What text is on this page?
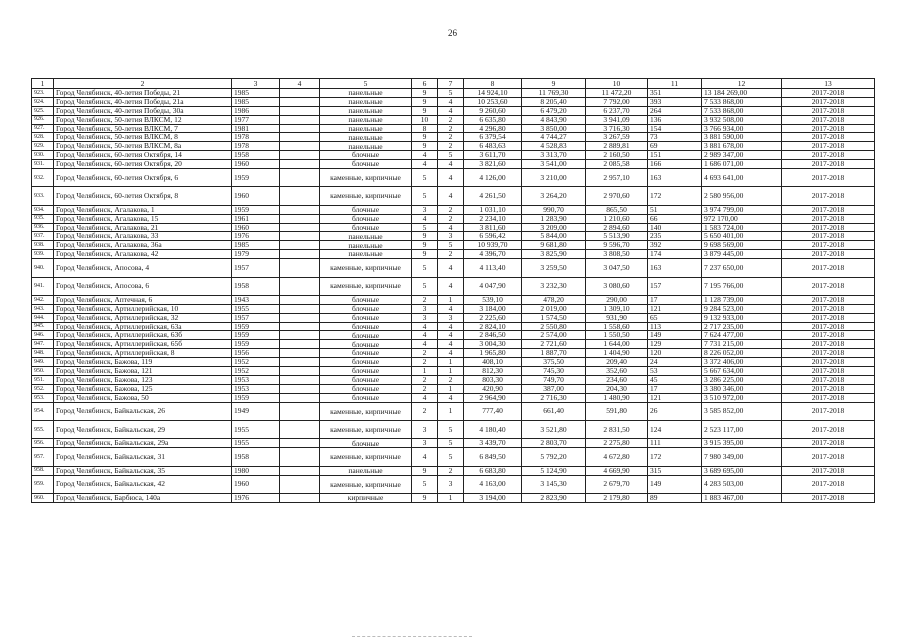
26
1	2	3	4	5	6	7	8	9	10	11	12	13
923.	Город Челябинск, 40-летия Победы, 21	1985		панельные	9	5	14 924,10	11 769,30	11 472,20	351	13 184 269,00	2017-2018
924.	Город Челябинск, 40-летия Победы, 21а	1985		панельные	9	4	10 253,60	8 205,40	7 792,00	393	7 533 868,00	2017-2018
925.	Город Челябинск, 40-летия Победы, 30а	1986		панельные	9	4	9 260,60	6 479,20	6 237,70	264	7 533 868,00	2017-2018
926.	Город Челябинск, 50-летия ВЛКСМ, 12	1977		панельные	10	2	6 635,80	4 843,90	3 941,09	136	3 932 508,00	2017-2018
927.	Город Челябинск, 50-летия ВЛКСМ, 7	1981		панельные	8	2	4 296,80	3 850,00	3 716,30	154	3 766 934,00	2017-2018
928.	Город Челябинск, 50-летия ВЛКСМ, 8	1978		панельные	9	2	6 379,54	4 744,27	3 267,59	73	3 881 590,00	2017-2018
929.	Город Челябинск, 50-летия ВЛКСМ, 8а	1978		панельные	9	2	6 483,63	4 528,83	2 889,81	69	3 881 678,00	2017-2018
930.	Город Челябинск, 60-летия Октября, 14	1958		блочные	4	5	3 611,70	3 313,70	2 160,50	151	2 989 347,00	2017-2018
931.	Город Челябинск, 60-летия Октября, 20	1960		блочные	4	4	3 821,60	3 541,00	2 085,58	166	1 686 071,00	2017-2018
932.	Город Челябинск, 60-летия Октября, 6	1959		каменные, кирпичные	5	4	4 126,00	3 210,00	2 957,10	163	4 693 641,00	2017-2018
933.	Город Челябинск, 60-летия Октября, 8	1960		каменные, кирпичные	5	4	4 261,50	3 264,20	2 970,60	172	2 580 956,00	2017-2018
934.	Город Челябинск, Агалакова, 1	1959		блочные	3	2	1 031,10	990,70	865,50	51	3 974 799,00	2017-2018
935.	Город Челябинск, Агалакова, 15	1961		блочные	4	2	2 234,10	1 283,90	1 210,60	66	972 170,00	2017-2018
936.	Город Челябинск, Агалакова, 21	1960		блочные	5	4	3 811,60	3 209,00	2 894,60	140	1 583 724,00	2017-2018
937.	Город Челябинск, Агалакова, 33	1976		панельные	9	3	6 596,42	5 844,00	5 513,90	235	5 650 401,00	2017-2018
938.	Город Челябинск, Агалакова, 36а	1985		панельные	9	5	10 939,70	9 681,80	9 596,70	392	9 698 569,00	2017-2018
939.	Город Челябинск, Агалакова, 42	1979		панельные	9	2	4 396,70	3 825,90	3 808,50	174	3 879 445,00	2017-2018
940.	Город Челябинск, Апосова, 4	1957		каменные, кирпичные	5	4	4 113,40	3 259,50	3 047,50	163	7 237 650,00	2017-2018
941.	Город Челябинск, Апосова, 6	1958		каменные, кирпичные	5	4	4 047,90	3 232,30	3 080,60	157	7 195 766,00	2017-2018
942.	Город Челябинск, Аптечная, 6	1943		блочные	2	1	539,10	478,20	290,00	17	1 128 739,00	2017-2018
943.	Город Челябинск, Артиллерийская, 10	1955		блочные	3	4	3 184,00	2 019,00	1 309,10	121	9 284 523,00	2017-2018
944.	Город Челябинск, Артиллерийская, 32	1957		блочные	3	3	2 225,60	1 574,50	931,90	65	9 132 933,00	2017-2018
945.	Город Челябинск, Артиллерийская, 63а	1959		блочные	4	4	2 824,10	2 550,80	1 558,60	113	2 717 235,00	2017-2018
946.	Город Челябинск, Артиллерийская, 63б	1959		блочные	4	4	2 846,50	2 574,00	1 550,50	149	7 624 477,00	2017-2018
947.	Город Челябинск, Артиллерийская, 65б	1959		блочные	4	4	3 004,30	2 721,60	1 644,00	129	7 731 215,00	2017-2018
948.	Город Челябинск, Артиллерийская, 8	1956		блочные	2	4	1 965,80	1 887,70	1 404,90	120	8 226 052,00	2017-2018
949.	Город Челябинск, Бажова, 119	1952		блочные	2	1	408,10	375,50	209,40	24	3 372 406,00	2017-2018
950.	Город Челябинск, Бажова, 121	1952		блочные	1	1	812,30	745,30	352,60	53	5 667 634,00	2017-2018
951.	Город Челябинск, Бажова, 123	1953		блочные	2	2	803,30	749,70	234,60	45	3 286 225,00	2017-2018
952.	Город Челябинск, Бажова, 125	1953		блочные	2	1	420,90	387,00	204,30	17	3 380 346,00	2017-2018
953.	Город Челябинск, Бажова, 50	1959		блочные	4	4	2 964,90	2 716,30	1 480,90	121	3 510 972,00	2017-2018
954.	Город Челябинск, Байкальская, 26	1949		каменные, кирпичные	2	1	777,40	661,40	591,80	26	3 585 852,00	2017-2018
955.	Город Челябинск, Байкальская, 29	1955		каменные, кирпичные	3	5	4 180,40	3 521,80	2 831,50	124	2 523 117,00	2017-2018
956.	Город Челябинск, Байкальская, 29а	1955		блочные	3	5	3 439,70	2 803,70	2 275,80	111	3 915 395,00	2017-2018
957.	Город Челябинск, Байкальская, 31	1958		каменные, кирпичные	4	5	6 849,50	5 792,20	4 672,80	172	7 980 349,00	2017-2018
958.	Город Челябинск, Байкальская, 35	1980		панельные	9	2	6 683,80	5 124,90	4 669,90	315	3 689 695,00	2017-2018
959.	Город Челябинск, Байкальская, 42	1960		каменные, кирпичные	5	3	4 163,00	3 145,30	2 679,70	149	4 283 503,00	2017-2018
960.	Город Челябинск, Барбюса, 140а	1976		кирпичные	9	1	3 194,00	2 823,90	2 179,80	89	1 883 467,00	2017-2018
